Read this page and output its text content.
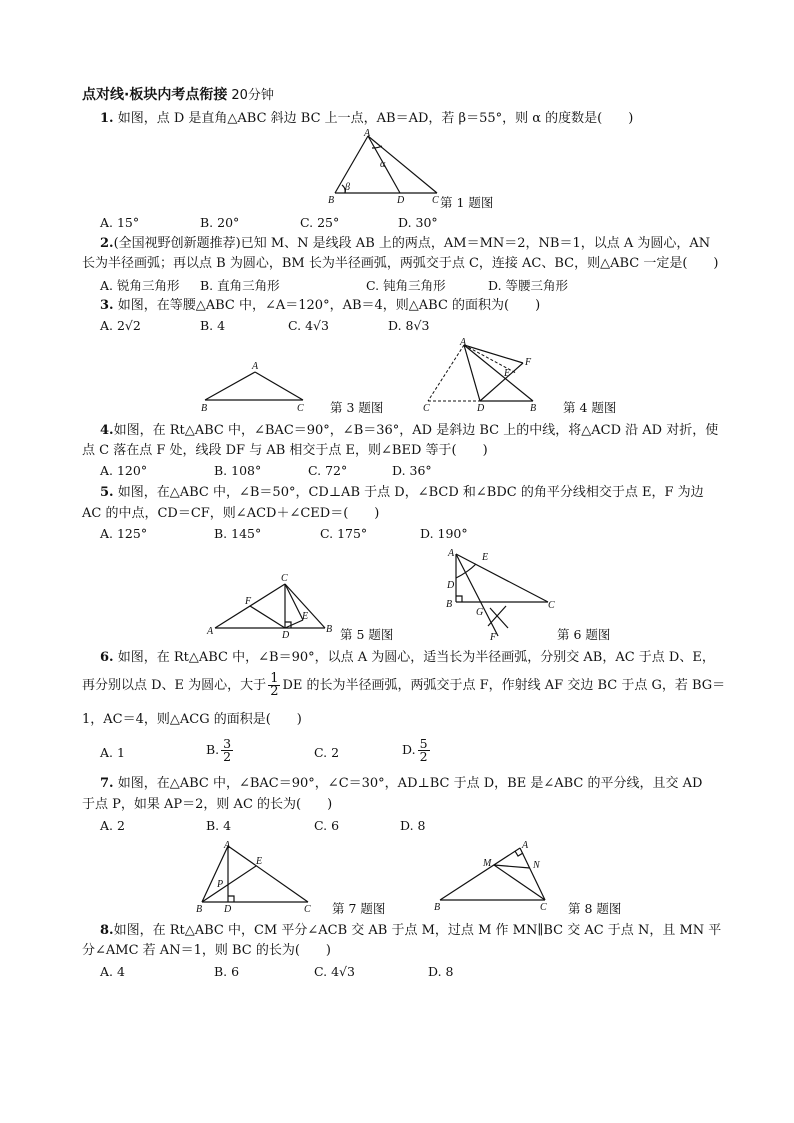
点对线·板块内考点衔接 20分钟
1. 如图，点 D 是直角△ABC 斜边 BC 上一点，AB＝AD，若 β＝55°，则 α 的度数是(　　)
A
B	D	C
α
β
第 1 题图
A. 15°	B. 20°	C. 25°	D. 30°
2.(全国视野创新题推荐)已知 M、N 是线段 AB 上的两点，AM＝MN＝2，NB＝1，以点 A 为圆心，AN
长为半径画弧；再以点 B 为圆心，BM 长为半径画弧，两弧交于点 C，连接 AC、BC，则△ABC 一定是(　　)
A. 锐角三角形 B. 直角三角形	C. 钝角三角形	D. 等腰三角形
3. 如图，在等腰△ABC 中，∠A＝120°，AB＝4，则△ABC 的面积为(　　)
A. 2√2	B. 4	C. 4√3	D. 8√3
A
B	C 第 3 题图
A
C	D	B
E
F
第 4 题图
4.如图，在 Rt△ABC 中，∠BAC＝90°，∠B＝36°，AD 是斜边 BC 上的中线，将△ACD 沿 AD 对折，使
点 C 落在点 F 处，线段 DF 与 AB 相交于点 E，则∠BED 等于(　　)
A. 120°	B. 108°	C. 72°	D. 36°
5. 如图，在△ABC 中，∠B＝50°，CD⊥AB 于点 D，∠BCD 和∠BDC 的角平分线相交于点 E，F 为边
AC 的中点，CD＝CF，则∠ACD＋∠CED＝(　　)
A. 125°	B. 145°	C. 175°	D. 190°
C
A	D
B
F
E
第 5 题图
A
D
B
E
G
C
F	第 6 题图
6. 如图，在 Rt△ABC 中，∠B＝90°，以点 A 为圆心，适当长为半径画弧，分别交 AB，AC 于点 D、E，
再分别以点 D、E 为圆心，大于 $\frac{1}{2}$ DE 的长为半径画弧，两弧交于点 F，作射线 AF 交边 BC 于点 G，若 BG＝
1，AC＝4，则△ACG 的面积是(　　)
A. 1	B. $\frac{3}{2}$	C. 2	D. $\frac{5}{2}$
7. 如图，在△ABC 中，∠BAC＝90°，∠C＝30°，AD⊥BC 于点 D，BE 是∠ABC 的平分线，且交 AD
于点 P，如果 AP＝2，则 AC 的长为(　　)
A. 2	B. 4	C. 6	D. 8
A
E
P
B D	C 第 7 题图
A
M	N
B	C 第 8 题图
8.如图，在 Rt△ABC 中，CM 平分∠ACB 交 AB 于点 M，过点 M 作 MN∥BC 交 AC 于点 N，且 MN 平
分∠AMC 若 AN＝1，则 BC 的长为(　　)
A. 4	B. 6	C. 4√3	D. 8
